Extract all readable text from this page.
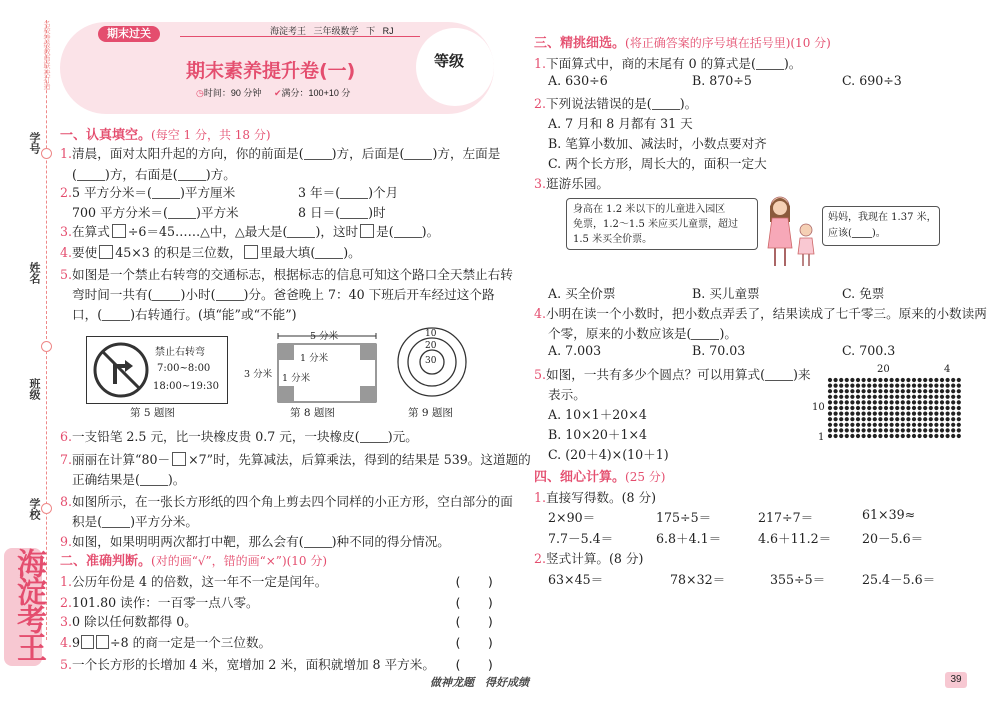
学号
姓名
班级
学校
名校特级教师联袂打造
海淀考王
期末过关	海淀考王 三年级数学 下 RJ
期末素养提升卷(一)
◷时间：90 分钟 ✔满分：100+10 分
等级
一、认真填空。(每空 1 分，共 18 分)
1.清晨，面对太阳升起的方向，你的前面是( )方，后面是( )方，左面是
( )方，右面是( )方。
2.5 平方分米＝( )平方厘米	3 年＝( )个月
700 平方分米＝( )平方米	8 日＝( )时
3.在算式 ÷6＝45……△中，△最大是( )，这时 是( )。
4.要使 45×3 的积是三位数， 里最大填( )。
5.如图是一个禁止右转弯的交通标志，根据标志的信息可知这个路口全天禁止右转
弯时间一共有( )小时( )分。爸爸晚上 7：40 下班后开车经过这个路
口，( )右转通行。(填“能”或“不能”)
禁止右转弯
7:00~8:00
18:00~19:30
第 5 题图
5 分米
3 分米
1 分米
1 分米
第 8 题图
10
20
30
第 9 题图
6.一支铅笔 2.5 元，比一块橡皮贵 0.7 元，一块橡皮( )元。
7.丽丽在计算“80－ ×7”时，先算减法，后算乘法，得到的结果是 539。这道题的
正确结果是( )。
8.如图所示，在一张长方形纸的四个角上剪去四个同样的小正方形，空白部分的面
积是( )平方分米。
9.如图，如果明明两次都打中靶，那么会有( )种不同的得分情况。
二、准确判断。(对的画“√”，错的画“×”)(10 分)
1.公历年份是 4 的倍数，这一年不一定是闰年。	(　　)
2.101.80 读作：一百零一点八零。	(　　)
3.0 除以任何数都得 0。	(　　)
4.9 ÷8 的商一定是一个三位数。	(　　)
5.一个长方形的长增加 4 米，宽增加 2 米，面积就增加 8 平方米。 (　　)
三、精挑细选。(将正确答案的序号填在括号里)(10 分)
1.下面算式中，商的末尾有 0 的算式是( )。
A. 630÷6	B. 870÷5	C. 690÷3
2.下列说法错误的是( )。
A. 7 月和 8 月都有 31 天
B. 笔算小数加、减法时，小数点要对齐
C. 两个长方形，周长大的，面积一定大
3.逛游乐园。
身高在 1.2 米以下的儿童进入园区
免票，1.2～1.5 米应买儿童票，超过
1.5 米买全价票。
妈妈，我现在 1.37 米，
应该( )。
A. 买全价票	B. 买儿童票	C. 免票
4.小明在读一个小数时，把小数点弄丢了，结果读成了七千零三。原来的小数读两
个零，原来的小数应该是( )。
A. 7.003	B. 70.03	C. 700.3
5.如图，一共有多少个圆点？可以用算式( )来
表示。
A. 10×1＋20×4
B. 10×20＋1×4
C. (20＋4)×(10＋1)
20	4
10
1
四、细心计算。(25 分)
1.直接写得数。(8 分)
2×90＝	175÷5＝	217÷7＝	61×39≈
7.7－5.4＝	6.8＋4.1＝	4.6＋11.2＝ 20－5.6＝
2.竖式计算。(8 分)
63×45＝	78×32＝	355÷5＝	25.4－5.6＝
做神龙题　得好成绩	39
